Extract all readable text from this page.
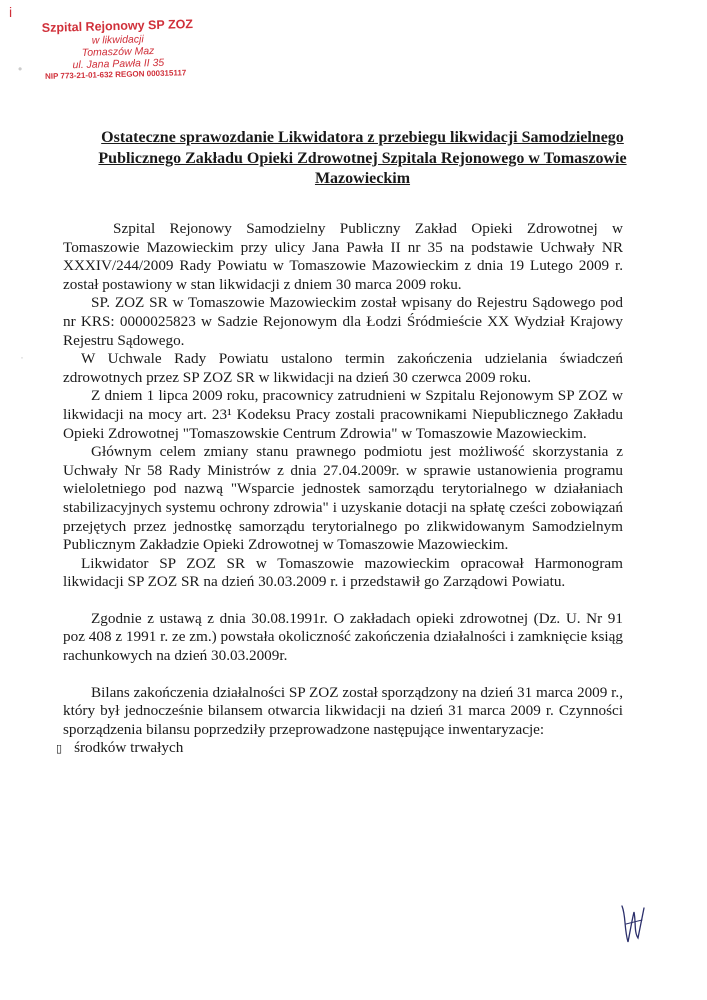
i
Szpital Rejonowy SP ZOZ
w likwidacji
Tomaszów Maz
ul. Jana Pawła II 35
NIP 773-21-01-632 REGON 000315117
•
·
Ostateczne sprawozdanie Likwidatora z przebiegu likwidacji Samodzielnego Publicznego Zakładu Opieki Zdrowotnej Szpitala Rejonowego w Tomaszowie Mazowieckim

Szpital Rejonowy Samodzielny Publiczny Zakład Opieki Zdrowotnej w Tomaszowie Mazowieckim przy ulicy Jana Pawła II nr 35 na podstawie Uchwały NR XXXIV/244/2009 Rady Powiatu w Tomaszowie Mazowieckim z dnia 19 Lutego 2009 r. został postawiony w stan likwidacji z dniem 30 marca 2009 roku.

SP. ZOZ SR w Tomaszowie Mazowieckim został wpisany do Rejestru Sądowego pod nr KRS: 0000025823 w Sadzie Rejonowym dla Łodzi Śródmieście XX Wydział Krajowy Rejestru Sądowego.

W Uchwale Rady Powiatu ustalono termin zakończenia udzielania świadczeń zdrowotnych przez SP ZOZ SR w likwidacji na dzień 30 czerwca 2009 roku.

Z dniem 1 lipca 2009 roku, pracownicy zatrudnieni w Szpitalu Rejonowym SP ZOZ w likwidacji na mocy art. 23¹ Kodeksu Pracy zostali pracownikami Niepublicznego Zakładu Opieki Zdrowotnej "Tomaszowskie Centrum Zdrowia" w Tomaszowie Mazowieckim.

Głównym celem zmiany stanu prawnego podmiotu jest możliwość skorzystania z Uchwały Nr 58 Rady Ministrów z dnia 27.04.2009r. w sprawie ustanowienia programu wieloletniego pod nazwą "Wsparcie jednostek samorządu terytorialnego w działaniach stabilizacyjnych systemu ochrony zdrowia" i uzyskanie dotacji na spłatę cześci zobowiązań przejętych przez jednostkę samorządu terytorialnego po zlikwidowanym Samodzielnym Publicznym Zakładzie Opieki Zdrowotnej w Tomaszowie Mazowieckim.

Likwidator SP ZOZ SR w Tomaszowie mazowieckim opracował Harmonogram likwidacji SP ZOZ SR na dzień 30.03.2009 r. i przedstawił go Zarządowi Powiatu.

Zgodnie z ustawą z dnia 30.08.1991r. O zakładach opieki zdrowotnej (Dz. U. Nr 91 poz 408 z 1991 r. ze zm.) powstała okoliczność zakończenia działalności i zamknięcie ksiąg rachunkowych na dzień 30.03.2009r.

Bilans zakończenia działalności SP ZOZ został sporządzony na dzień 31 marca 2009 r., który był jednocześnie bilansem otwarcia likwidacji na dzień 31 marca 2009 r. Czynności sporządzenia bilansu poprzedziły przeprowadzone następujące inwentaryzacje:

▯ środków trwałych
